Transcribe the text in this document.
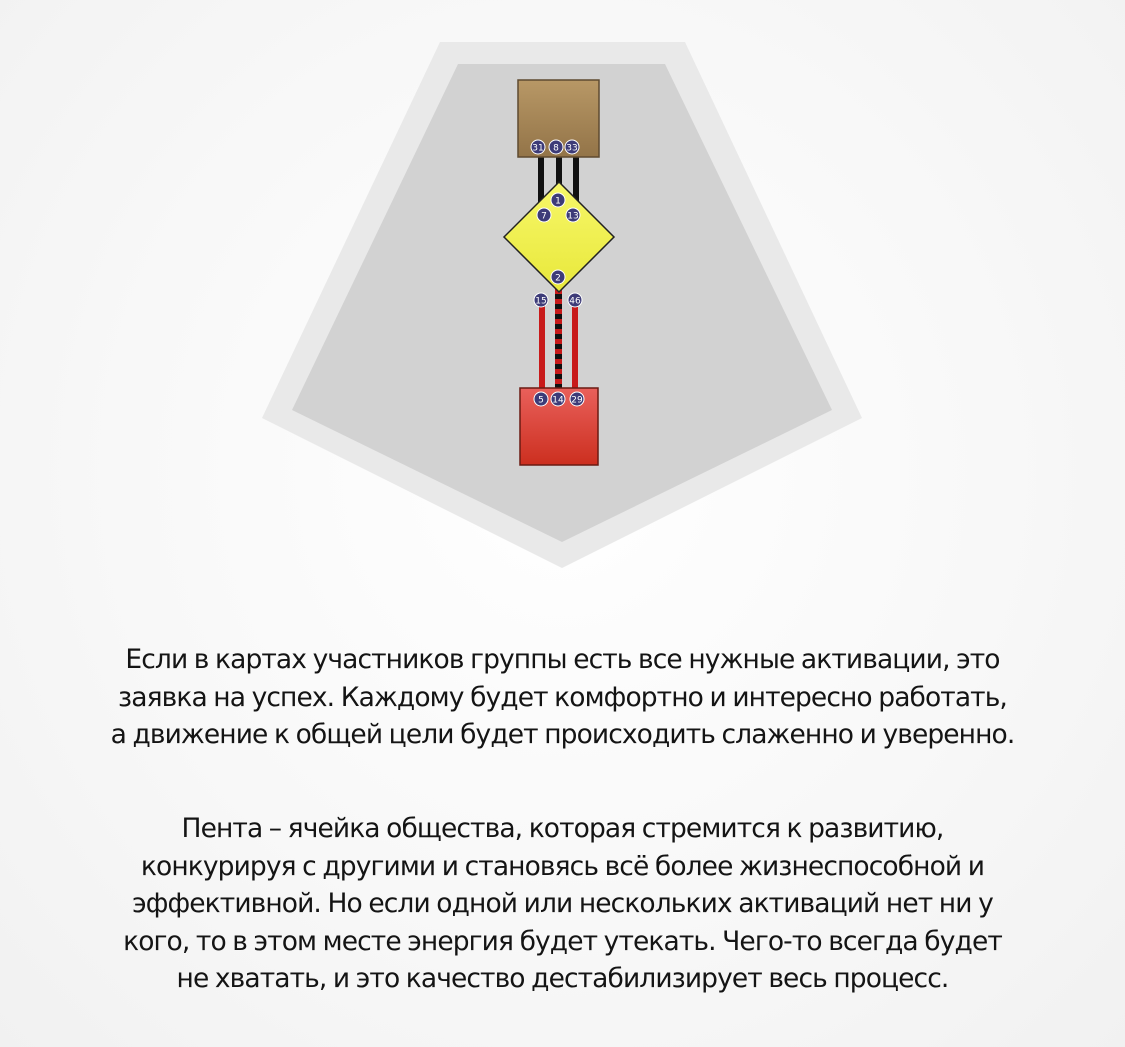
31 8 33
1
7 13
2
15	46
5 14 29
Если в картах участников группы есть все нужные активации, это
заявка на успех. Каждому будет комфортно и интересно работать,
а движение к общей цели будет происходить слаженно и уверенно.
Пента – ячейка общества, которая стремится к развитию,
конкурируя с другими и становясь всё более жизнеспособной и
эффективной. Но если одной или нескольких активаций нет ни у
кого, то в этом месте энергия будет утекать. Чего-то всегда будет
не хватать, и это качество дестабилизирует весь процесс.
